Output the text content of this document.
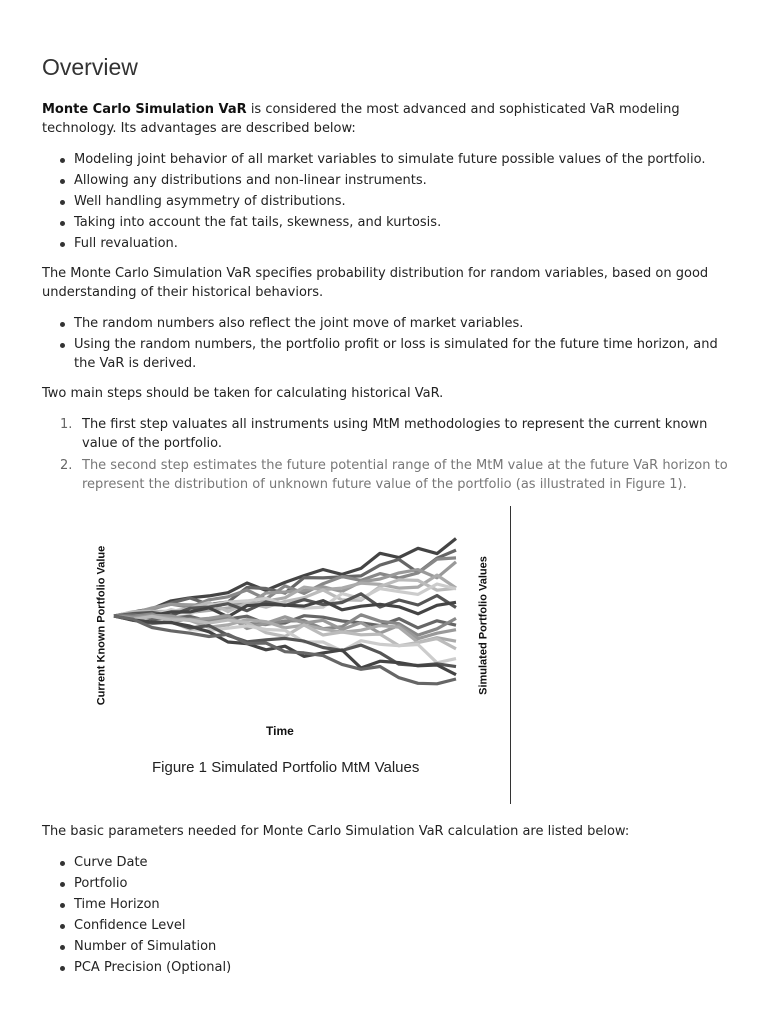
Overview

Monte Carlo Simulation VaR is considered the most advanced and sophisticated VaR modeling technology. Its advantages are described below:

Modeling joint behavior of all market variables to simulate future possible values of the portfolio.
Allowing any distributions and non-linear instruments.
Well handling asymmetry of distributions.
Taking into account the fat tails, skewness, and kurtosis.
Full revaluation.

The Monte Carlo Simulation VaR specifies probability distribution for random variables, based on good understanding of their historical behaviors.

The random numbers also reflect the joint move of market variables.
Using the random numbers, the portfolio profit or loss is simulated for the future time horizon, and the VaR is derived.

Two main steps should be taken for calculating historical VaR.

1. The first step valuates all instruments using MtM methodologies to represent the current known value of the portfolio.
2. The second step estimates the future potential range of the MtM value at the future VaR horizon to represent the distribution of unknown future value of the portfolio (as illustrated in Figure 1).
Current Known Portfolio Value	Simulated Portfolio Values
Time
Figure 1 Simulated Portfolio MtM Values

The basic parameters needed for Monte Carlo Simulation VaR calculation are listed below:

Curve Date
Portfolio
Time Horizon
Confidence Level
Number of Simulation
PCA Precision (Optional)
